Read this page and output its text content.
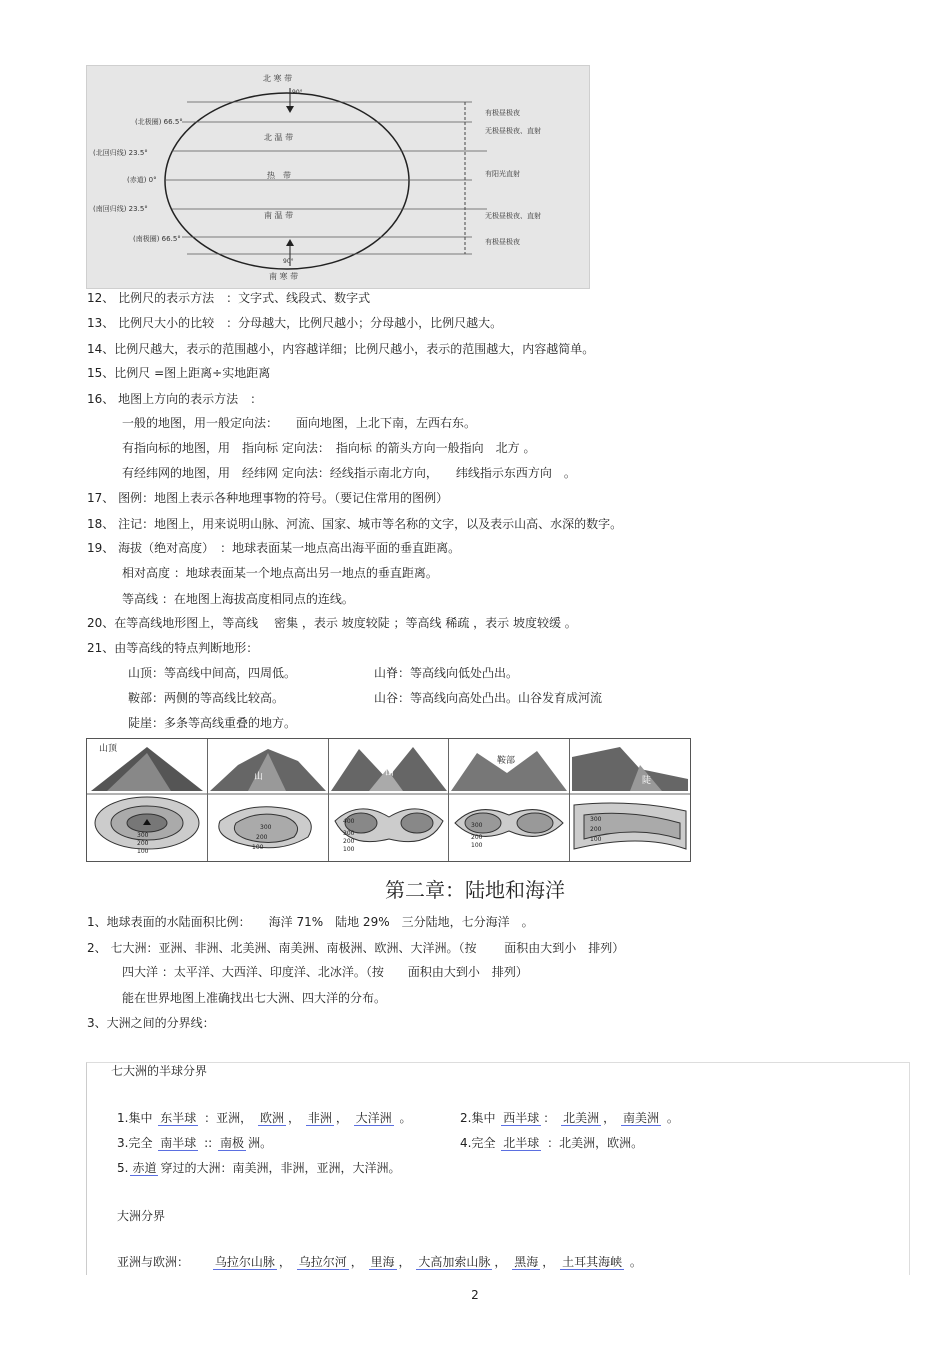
北 寒 带
90°
(北极圈) 66.5°
(北回归线) 23.5°
(赤道) 0°
(南回归线) 23.5°
(南极圈) 66.5°
北 温 带
热　带
南 温 带
90°
南 寒 带
有极昼极夜
无极昼极夜、直射
有阳光直射
无极昼极夜、直射
有极昼极夜
12、 比例尺的表示方法　：文字式、线段式、数字式
13、 比例尺大小的比较　：分母越大，比例尺越小；分母越小，比例尺越大。
14、比例尺越大，表示的范围越小，内容越详细；比例尺越小，表示的范围越大，内容越简单。
15、比例尺 =图上距离÷实地距离
16、 地图上方向的表示方法　：
一般的地图，用一般定向法：　　面向地图，上北下南，左西右东。
有指向标的地图，用　指向标 定向法：　指向标 的箭头方向一般指向　北方 。
有经纬网的地图，用　经纬网 定向法：经线指示南北方向，　　纬线指示东西方向　。
17、 图例：地图上表示各种地理事物的符号。（要记住常用的图例）
18、 注记：地图上，用来说明山脉、河流、国家、城市等名称的文字，以及表示山高、水深的数字。
19、 海拔（绝对高度）　：地球表面某一地点高出海平面的垂直距离。
相对高度 ：地球表面某一个地点高出另一地点的垂直距离。
等高线 ：在地图上海拔高度相同点的连线。
20、在等高线地形图上，等高线　 密集 ，表示 坡度较陡 ；等高线 稀疏 ，表示 坡度较缓 。
21、由等高线的特点判断地形：
山顶：等高线中间高，四周低。	山脊：等高线向低处凸出。
鞍部：两侧的等高线比较高。	山谷：等高线向高处凸出。山谷发育成河流
陡崖：多条等高线重叠的地方。
山顶
300
200
100
山
300
200
100
山
400
300
200
100
鞍部
300
200
100
陡
300
200
100
第二章：陆地和海洋
1、地球表面的水陆面积比例：　　海洋 71%　陆地 29%　三分陆地，七分海洋　。
2、 七大洲：亚洲、非洲、北美洲、南美洲、南极洲、欧洲、大洋洲。（按　　 面积由大到小　排列）
四大洋 ：太平洋、大西洋、印度洋、北冰洋。（按　　面积由大到小　排列）
能在世界地图上准确找出七大洲、四大洋的分布。
3、大洲之间的分界线：
七大洲的半球分界
1.集中 东半球 ：亚洲， 欧洲 ， 非洲 ， 大洋洲 。	2.集中 西半球 ： 北美洲 ， 南美洲 。
3.完全 南半球 :: 南极 洲。	4.完全 北半球 ：北美洲，欧洲。
5. 赤道 穿过的大洲：南美洲，非洲，亚洲，大洋洲。
大洲分界
亚洲与欧洲：　　	乌拉尔山脉 ， 乌拉尔河 ， 里海 ， 大高加索山脉 ， 黑海 ， 土耳其海峡 。
2
